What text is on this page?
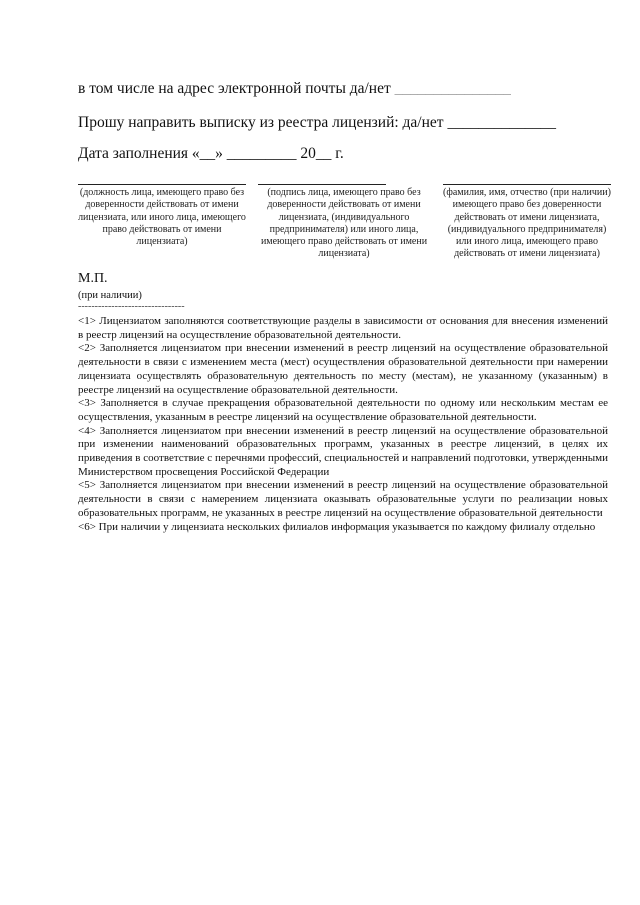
в том числе на адрес электронной почты да/нет _______________
Прошу направить выписку из реестра лицензий: да/нет ______________
Дата заполнения «__» _________ 20__ г.
(должность лица, имеющего право без доверенности действовать от имени лицензиата, или иного лица, имеющего право действовать от имени лицензиата)
(подпись лица, имеющего право без доверенности действовать от имени лицензиата, (индивидуального предпринимателя) или иного лица, имеющего право действовать от имени лицензиата)
(фамилия, имя, отчество (при наличии) имеющего право без доверенности действовать от имени лицензиата, (индивидуального предпринимателя) или иного лица, имеющего право действовать от имени лицензиата)
М.П.
(при наличии)
--------------------------------

<1> Лицензиатом заполняются соответствующие разделы в зависимости от основания для внесения изменений в реестр лицензий на осуществление образовательной деятельности.

<2> Заполняется лицензиатом при внесении изменений в реестр лицензий на осуществление образовательной деятельности в связи с изменением места (мест) осуществления образовательной деятельности при намерении лицензиата осуществлять образовательную деятельность по месту (местам), не указанному (указанным) в реестре лицензий на осуществление образовательной деятельности.

<3> Заполняется в случае прекращения образовательной деятельности по одному или нескольким местам ее осуществления, указанным в реестре лицензий на осуществление образовательной деятельности.

<4> Заполняется лицензиатом при внесении изменений в реестр лицензий на осуществление образовательной при изменении наименований образовательных программ, указанных в реестре лицензий, в целях их приведения в соответствие с перечнями профессий, специальностей и направлений подготовки, утвержденными Министерством просвещения Российской Федерации

<5> Заполняется лицензиатом при внесении изменений в реестр лицензий на осуществление образовательной деятельности в связи с намерением лицензиата оказывать образовательные услуги по реализации новых образовательных программ, не указанных в реестре лицензий на осуществление образовательной деятельности

<6> При наличии у лицензиата нескольких филиалов информация указывается по каждому филиалу отдельно
